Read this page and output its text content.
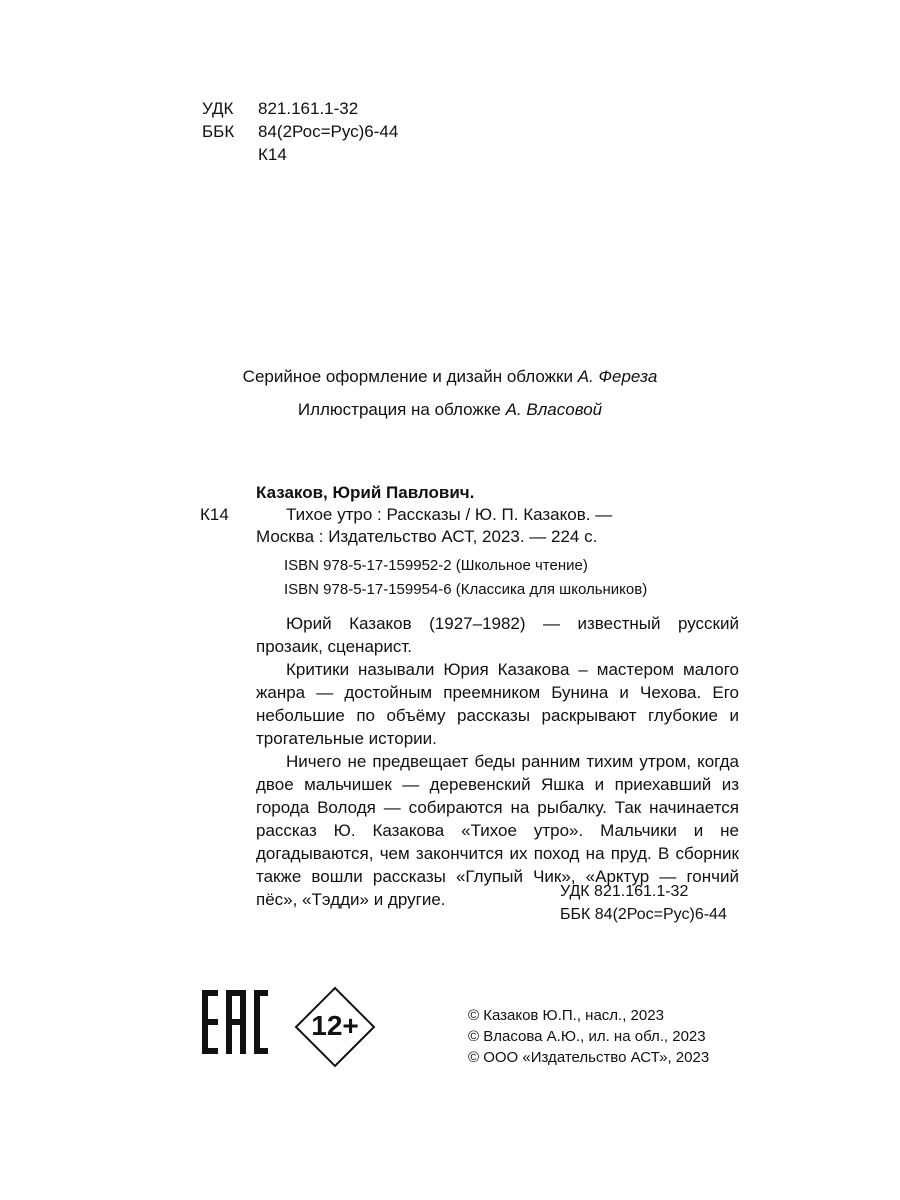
УДК 821.161.1-32
ББК 84(2Рос=Рус)6-44
К14
Серийное оформление и дизайн обложки А. Фереза
Иллюстрация на обложке А. Власовой
Казаков, Юрий Павлович.
К14	Тихое утро : Рассказы / Ю. П. Казаков. —
Москва : Издательство АСТ, 2023. — 224 с.
ISBN 978-5-17-159952-2 (Школьное чтение)
ISBN 978-5-17-159954-6 (Классика для школьников)
Юрий Казаков (1927–1982) — известный русский прозаик, сценарист.
Критики называли Юрия Казакова – мастером малого жанра — достойным преемником Бунина и Чехова. Его небольшие по объёму рассказы раскрывают глубокие и трогательные истории.
Ничего не предвещает беды ранним тихим утром, когда двое мальчишек — деревенский Яшка и приехавший из города Володя — собираются на рыбалку. Так начинается рассказ Ю. Казакова «Тихое утро». Мальчики и не догадываются, чем закончится их поход на пруд. В сборник также вошли рассказы «Глупый Чик», «Арктур — гончий пёс», «Тэдди» и другие.	УДК 821.161.1-32
ББК 84(2Рос=Рус)6-44
12+	© Казаков Ю.П., насл., 2023
© Власова А.Ю., ил. на обл., 2023
© ООО «Издательство АСТ», 2023
